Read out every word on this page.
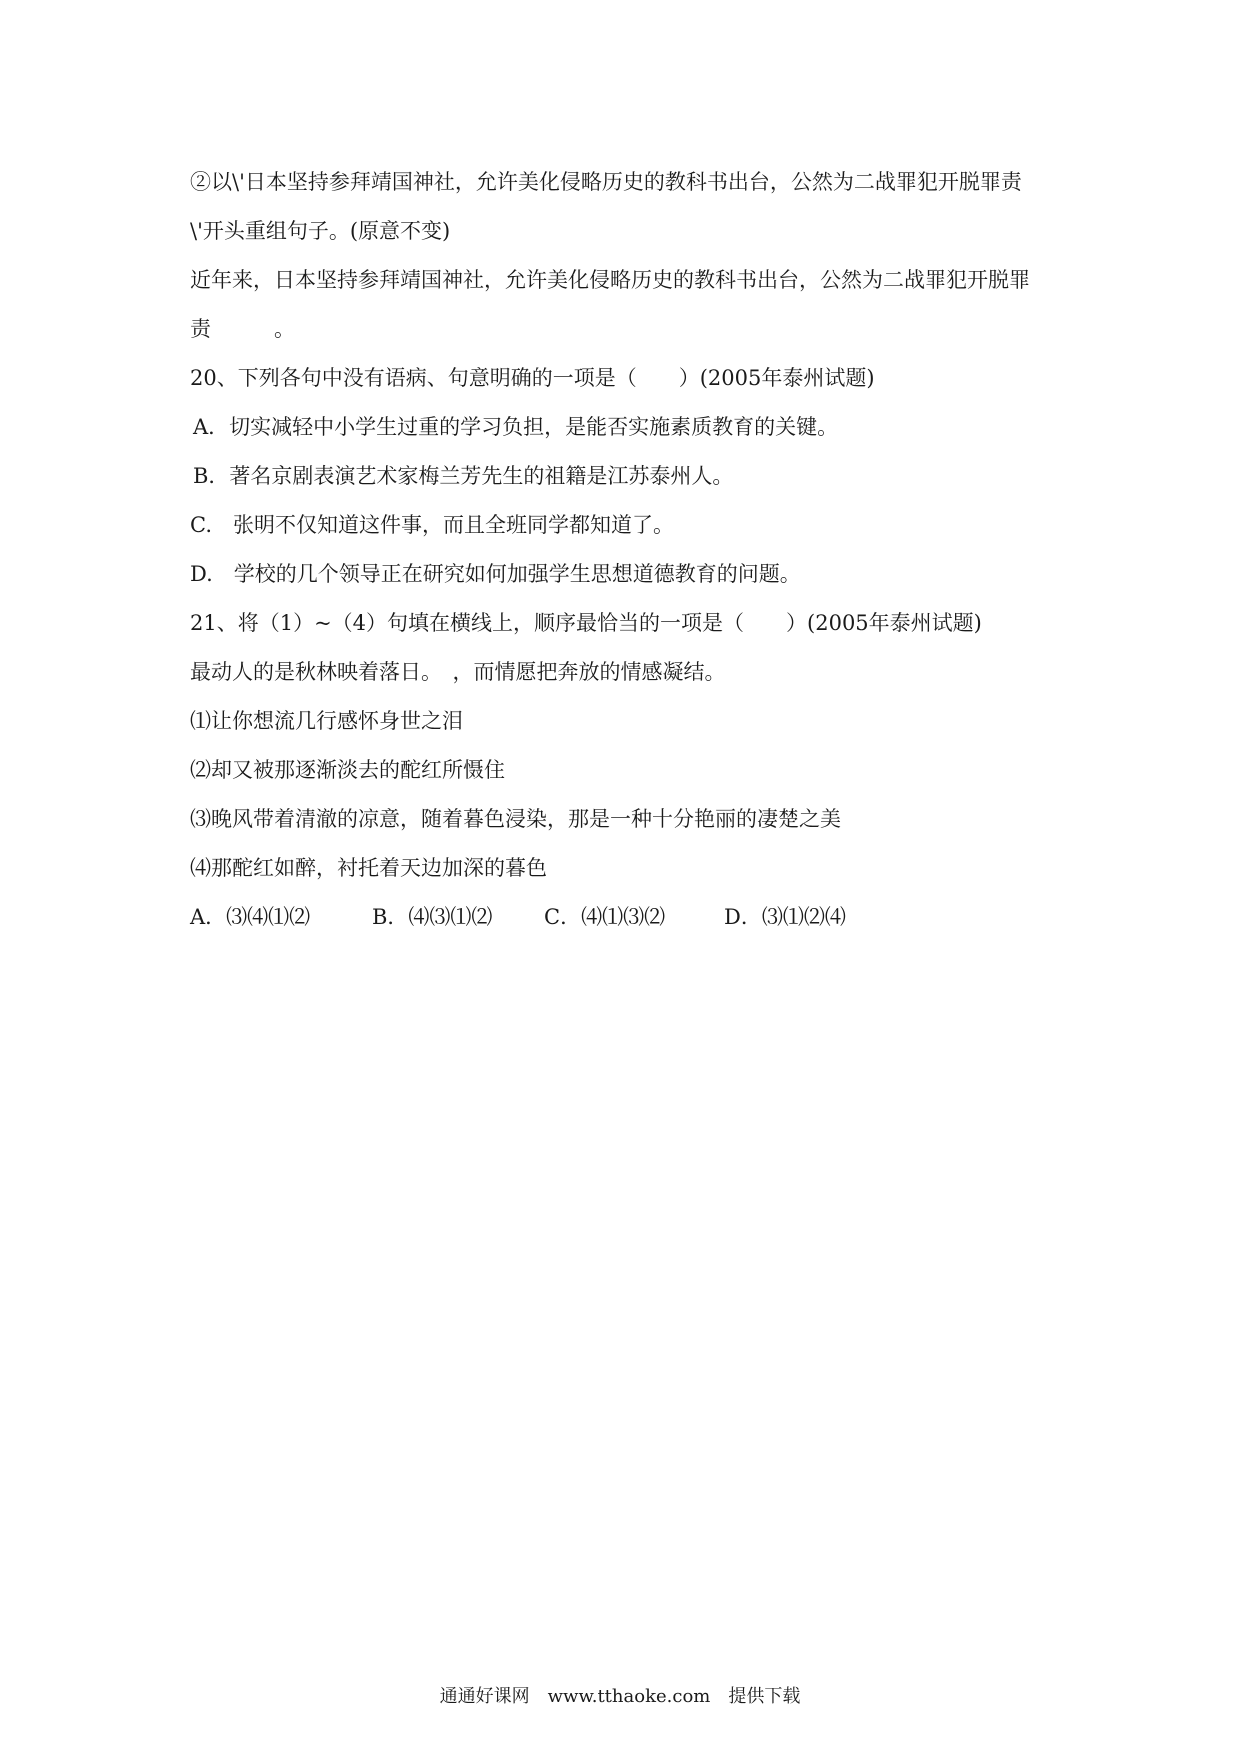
②以\'日本坚持参拜靖国神社，允许美化侵略历史的教科书出台，公然为二战罪犯开脱罪责

\'开头重组句子。(原意不变)

近年来，日本坚持参拜靖国神社，允许美化侵略历史的教科书出台，公然为二战罪犯开脱罪

责　　　。

20、下列各句中没有语病、句意明确的一项是（　　）(2005年泰州试题)

A．切实减轻中小学生过重的学习负担，是能否实施素质教育的关键。

B．著名京剧表演艺术家梅兰芳先生的祖籍是江苏泰州人。

C.　张明不仅知道这件事，而且全班同学都知道了。

D.　学校的几个领导正在研究如何加强学生思想道德教育的问题。

21、将（1）~（4）句填在横线上，顺序最恰当的一项是（　　）(2005年泰州试题)

最动人的是秋林映着落日。　，而情愿把奔放的情感凝结。

⑴让你想流几行感怀身世之泪

⑵却又被那逐渐淡去的酡红所慑住

⑶晚风带着清澈的凉意，随着暮色浸染，那是一种十分艳丽的凄楚之美

⑷那酡红如醉，衬托着天边加深的暮色

A．⑶⑷⑴⑵	B．⑷⑶⑴⑵	C．⑷⑴⑶⑵	D．⑶⑴⑵⑷
通通好课网　www.tthaoke.com　提供下载
